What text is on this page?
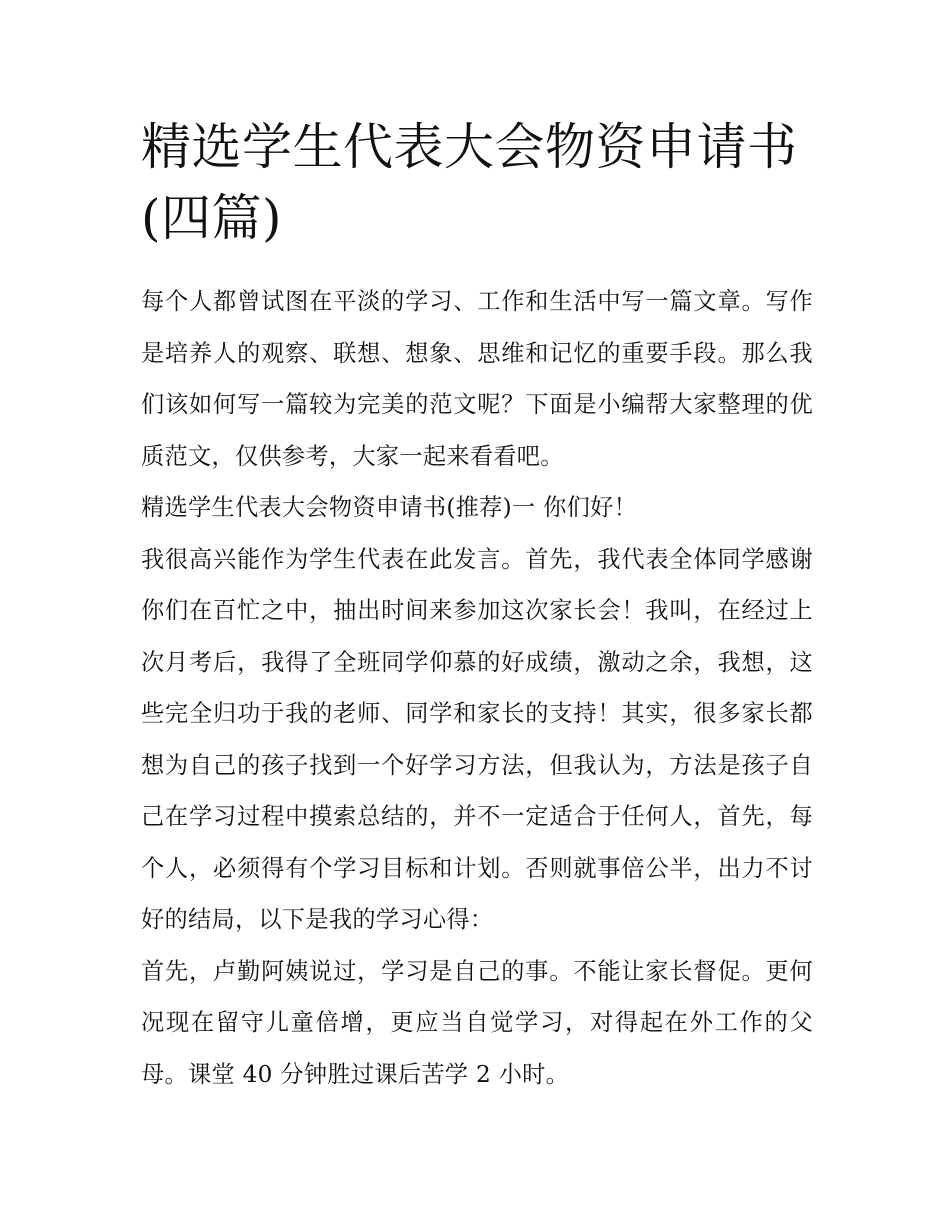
精选学生代表大会物资申请书(四篇)

每个人都曾试图在平淡的学习、工作和生活中写一篇文章。写作是培养人的观察、联想、想象、思维和记忆的重要手段。那么我们该如何写一篇较为完美的范文呢？下面是小编帮大家整理的优质范文，仅供参考，大家一起来看看吧。

精选学生代表大会物资申请书(推荐)一 你们好！

我很高兴能作为学生代表在此发言。首先，我代表全体同学感谢你们在百忙之中，抽出时间来参加这次家长会！我叫，在经过上次月考后，我得了全班同学仰慕的好成绩，激动之余，我想，这些完全归功于我的老师、同学和家长的支持！其实，很多家长都想为自己的孩子找到一个好学习方法，但我认为，方法是孩子自己在学习过程中摸索总结的，并不一定适合于任何人，首先，每个人，必须得有个学习目标和计划。否则就事倍公半，出力不讨好的结局，以下是我的学习心得：

首先，卢勤阿姨说过，学习是自己的事。不能让家长督促。更何况现在留守儿童倍增，更应当自觉学习，对得起在外工作的父母。课堂 40 分钟胜过课后苦学 2 小时。
